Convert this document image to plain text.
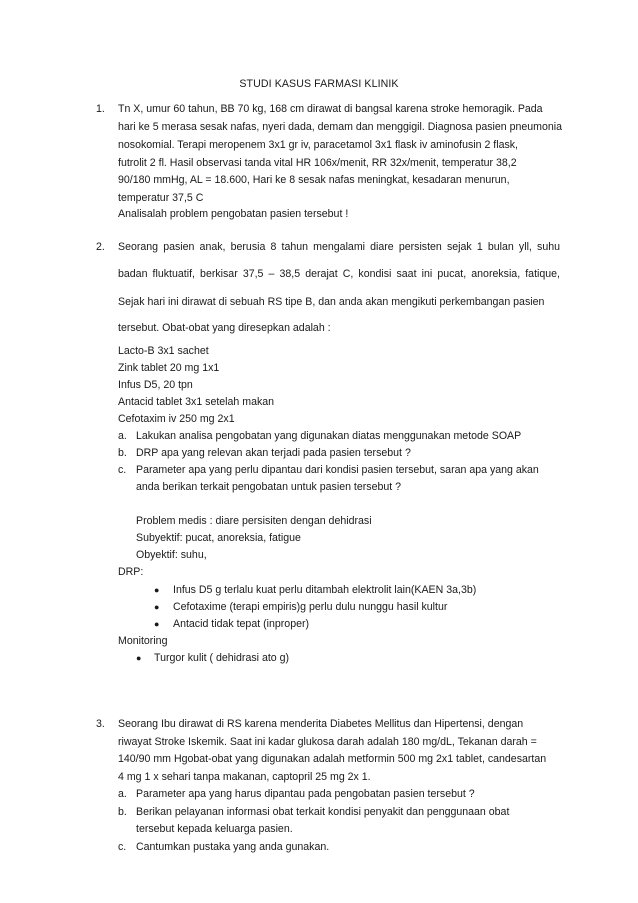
STUDI KASUS FARMASI KLINIK
1. Tn X, umur 60 tahun, BB 70 kg, 168 cm dirawat di bangsal karena stroke hemoragik. Pada
hari ke 5 merasa sesak nafas, nyeri dada, demam dan menggigil. Diagnosa pasien pneumonia
nosokomial. Terapi meropenem 3x1 gr iv, paracetamol 3x1 flask iv aminofusin 2 flask,
futrolit 2 fl. Hasil observasi tanda vital HR 106x/menit, RR 32x/menit, temperatur 38,2
90/180 mmHg, AL = 18.600, Hari ke 8 sesak nafas meningkat, kesadaran menurun,
temperatur 37,5 C
Analisalah problem pengobatan pasien tersebut !
2. Seorang pasien anak, berusia 8 tahun mengalami diare persisten sejak 1 bulan yll, suhu
badan fluktuatif, berkisar 37,5 – 38,5 derajat C, kondisi saat ini pucat, anoreksia, fatique,
Sejak hari ini dirawat di sebuah RS tipe B, dan anda akan mengikuti perkembangan pasien
tersebut. Obat-obat yang diresepkan adalah :
Lacto-B 3x1 sachet
Zink tablet 20 mg 1x1
Infus D5, 20 tpn
Antacid tablet 3x1 setelah makan
Cefotaxim iv 250 mg 2x1
a. Lakukan analisa pengobatan yang digunakan diatas menggunakan metode SOAP
b. DRP apa yang relevan akan terjadi pada pasien tersebut ?
c. Parameter apa yang perlu dipantau dari kondisi pasien tersebut, saran apa yang akan
anda berikan terkait pengobatan untuk pasien tersebut ?
Problem medis : diare persisiten dengan dehidrasi
Subyektif: pucat, anoreksia, fatigue
Obyektif: suhu,
DRP:
● Infus D5 g terlalu kuat perlu ditambah elektrolit lain(KAEN 3a,3b)
● Cefotaxime (terapi empiris)g perlu dulu nunggu hasil kultur
● Antacid tidak tepat (inproper)
Monitoring
● Turgor kulit ( dehidrasi ato g)
3. Seorang Ibu dirawat di RS karena menderita Diabetes Mellitus dan Hipertensi, dengan
riwayat Stroke Iskemik. Saat ini kadar glukosa darah adalah 180 mg/dL, Tekanan darah =
140/90 mm Hgobat-obat yang digunakan adalah metformin 500 mg 2x1 tablet, candesartan
4 mg 1 x sehari tanpa makanan, captopril 25 mg 2x 1.
a. Parameter apa yang harus dipantau pada pengobatan pasien tersebut ?
b. Berikan pelayanan informasi obat terkait kondisi penyakit dan penggunaan obat
tersebut kepada keluarga pasien.
c. Cantumkan pustaka yang anda gunakan.
